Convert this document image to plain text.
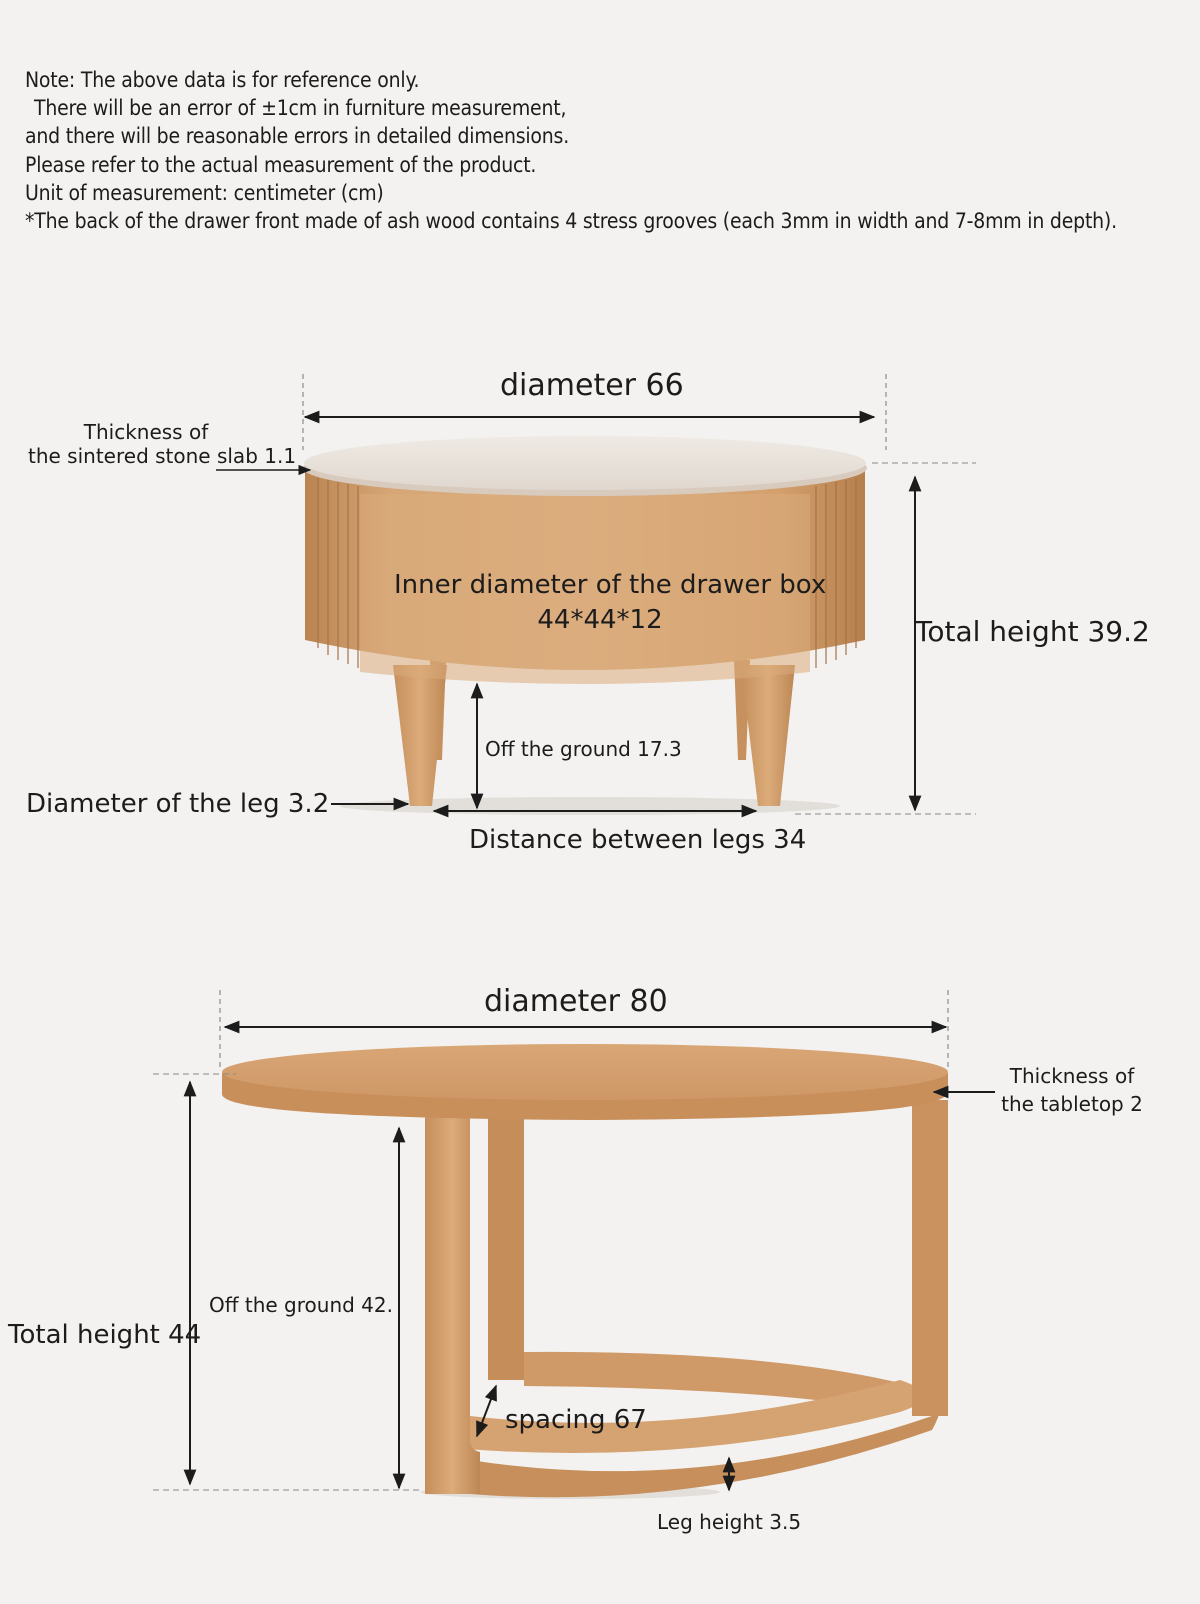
Note: The above data is for reference only.
There will be an error of ±1cm in furniture measurement,
and there will be reasonable errors in detailed dimensions.
Please refer to the actual measurement of the product.
Unit of measurement: centimeter (cm)
*The back of the drawer front made of ash wood contains 4 stress grooves (each 3mm in width and 7-8mm in depth).
diameter 66
Thickness of
the sintered stone slab 1.1
Inner diameter of the drawer box
44*44*12	Total height 39.2
Off the ground 17.3
Diameter of the leg 3.2
Distance between legs 34
diameter 80
Thickness of
the tabletop 2
Off the ground 42.
Total height 44
spacing 67
Leg height 3.5
